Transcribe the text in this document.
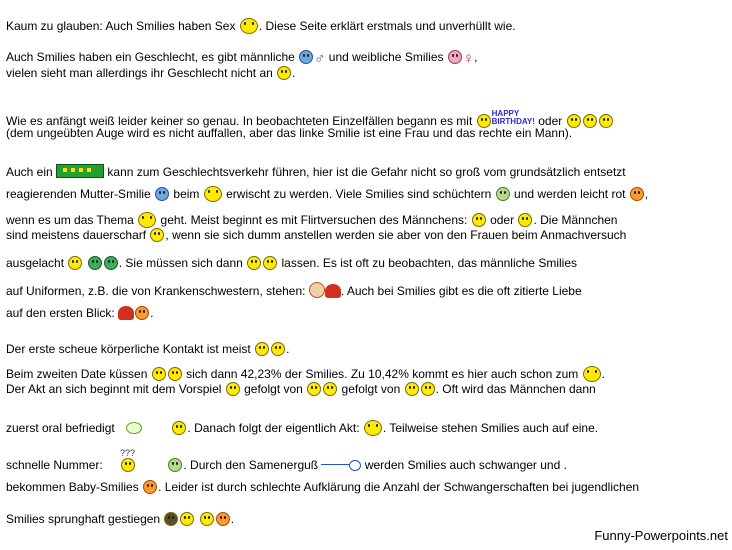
Kaum zu glauben: Auch Smilies haben Sex . Diese Seite erklärt erstmals und unverhüllt wie.
Auch Smilies haben ein Geschlecht, es gibt männliche ♂ und weibliche Smilies ♀,
vielen sieht man allerdings ihr Geschlecht nicht an .
Wie es anfängt weiß leider keiner so genau. In beobachteten Einzelfällen begann es mit HAPPY
BIRTHDAY! oder
(dem ungeübten Auge wird es nicht auffallen, aber das linke Smilie ist eine Frau und das rechte ein Mann).
Auch ein	kann zum Geschlechtsverkehr führen, hier ist die Gefahr nicht so groß vom grundsätzlich entsetzt
reagierenden Mutter-Smilie beim erwischt zu werden. Viele Smilies sind schüchtern und werden leicht rot ,
wenn es um das Thema geht. Meist beginnt es mit Flirtversuchen des Männchens: oder . Die Männchen
sind meistens dauerscharf , wenn sie sich dumm anstellen werden sie aber von den Frauen beim Anmachversuch
ausgelacht	. Sie müssen sich dann	lassen. Es ist oft zu beobachten, das männliche Smilies
auf Uniformen, z.B. die von Krankenschwestern, stehen:	. Auch bei Smilies gibt es die oft zitierte Liebe
auf den ersten Blick:	.
Der erste scheue körperliche Kontakt ist meist	.
Beim zweiten Date küssen	sich dann 42,23% der Smilies. Zu 10,42% kommt es hier auch schon zum .
Der Akt an sich beginnt mit dem Vorspiel gefolgt von	gefolgt von	. Oft wird das Männchen dann
zuerst oral befriedigt	. Danach folgt der eigentlich Akt: . Teilweise stehen Smilies auch auf eine.
schnelle Nummer:
???
. Durch den Samenerguß	werden Smilies auch schwanger und .
bekommen Baby-Smilies . Leider ist durch schlechte Aufklärung die Anzahl der Schwangerschaften bei jugendlichen
Smilies sprunghaft gestiegen	.
Funny-Powerpoints.net
